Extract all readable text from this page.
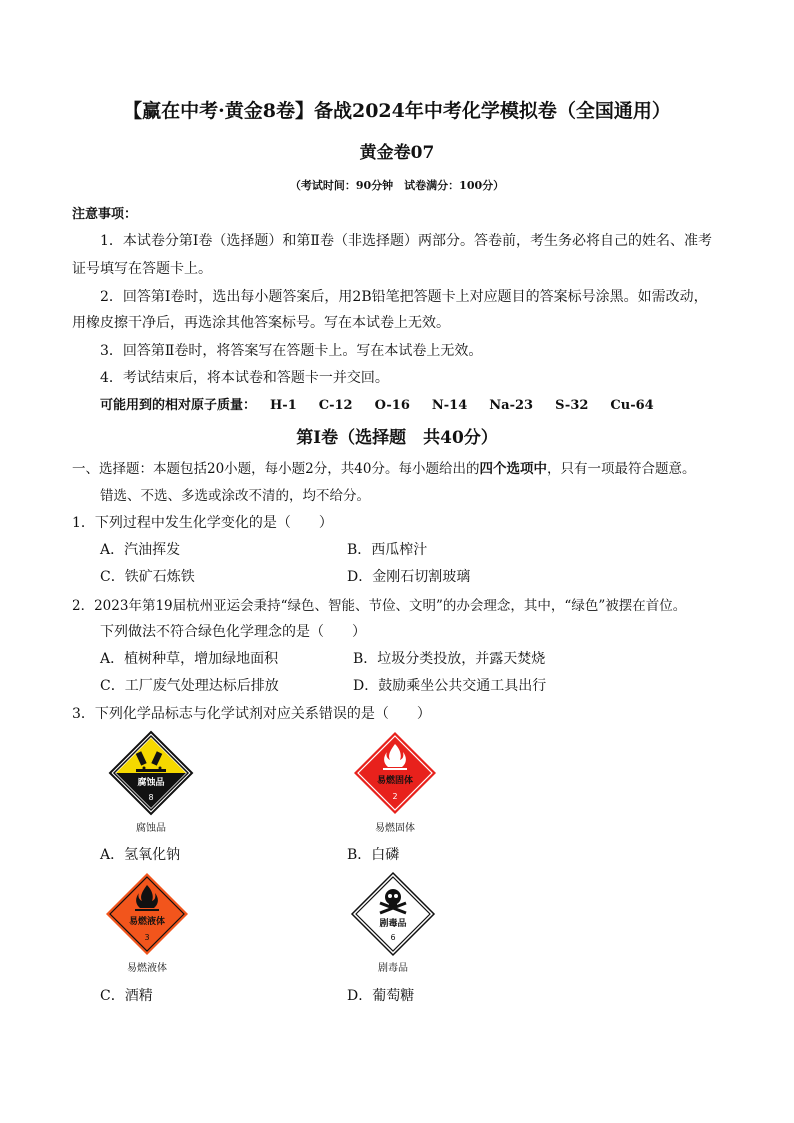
【赢在中考·黄金8卷】备战2024年中考化学模拟卷（全国通用）
黄金卷07
（考试时间：90分钟　试卷满分：100分）
注意事项：
1．本试卷分第Ⅰ卷（选择题）和第Ⅱ卷（非选择题）两部分。答卷前，考生务必将自己的姓名、准考
证号填写在答题卡上。
2．回答第Ⅰ卷时，选出每小题答案后，用2B铅笔把答题卡上对应题目的答案标号涂黑。如需改动，
用橡皮擦干净后，再选涂其他答案标号。写在本试卷上无效。
3．回答第Ⅱ卷时，将答案写在答题卡上。写在本试卷上无效。
4．考试结束后，将本试卷和答题卡一并交回。
可能用到的相对原子质量： H-1 C-12 O-16 N-14 Na-23 S-32 Cu-64
第Ⅰ卷（选择题　共40分）
一、选择题：本题包括20小题，每小题2分，共40分。每小题给出的四个选项中，只有一项最符合题意。
错选、不选、多选或涂改不清的，均不给分。
1．下列过程中发生化学变化的是（　　）
A．汽油挥发	B．西瓜榨汁
C．铁矿石炼铁	D．金刚石切割玻璃
2．2023年第19届杭州亚运会秉持“绿色、智能、节俭、文明”的办会理念，其中，“绿色”被摆在首位。
下列做法不符合绿色化学理念的是（　　）
A．植树种草，增加绿地面积	B．垃圾分类投放，并露天焚烧
C．工厂废气处理达标后排放	D．鼓励乘坐公共交通工具出行
3．下列化学品标志与化学试剂对应关系错误的是（　　）
腐蚀品
8
腐蚀品
易燃固体
2
易燃固体
A．氢氧化钠	B．白磷
易燃液体
3
易燃液体
剧毒品
6
剧毒品
C．酒精	D．葡萄糖
